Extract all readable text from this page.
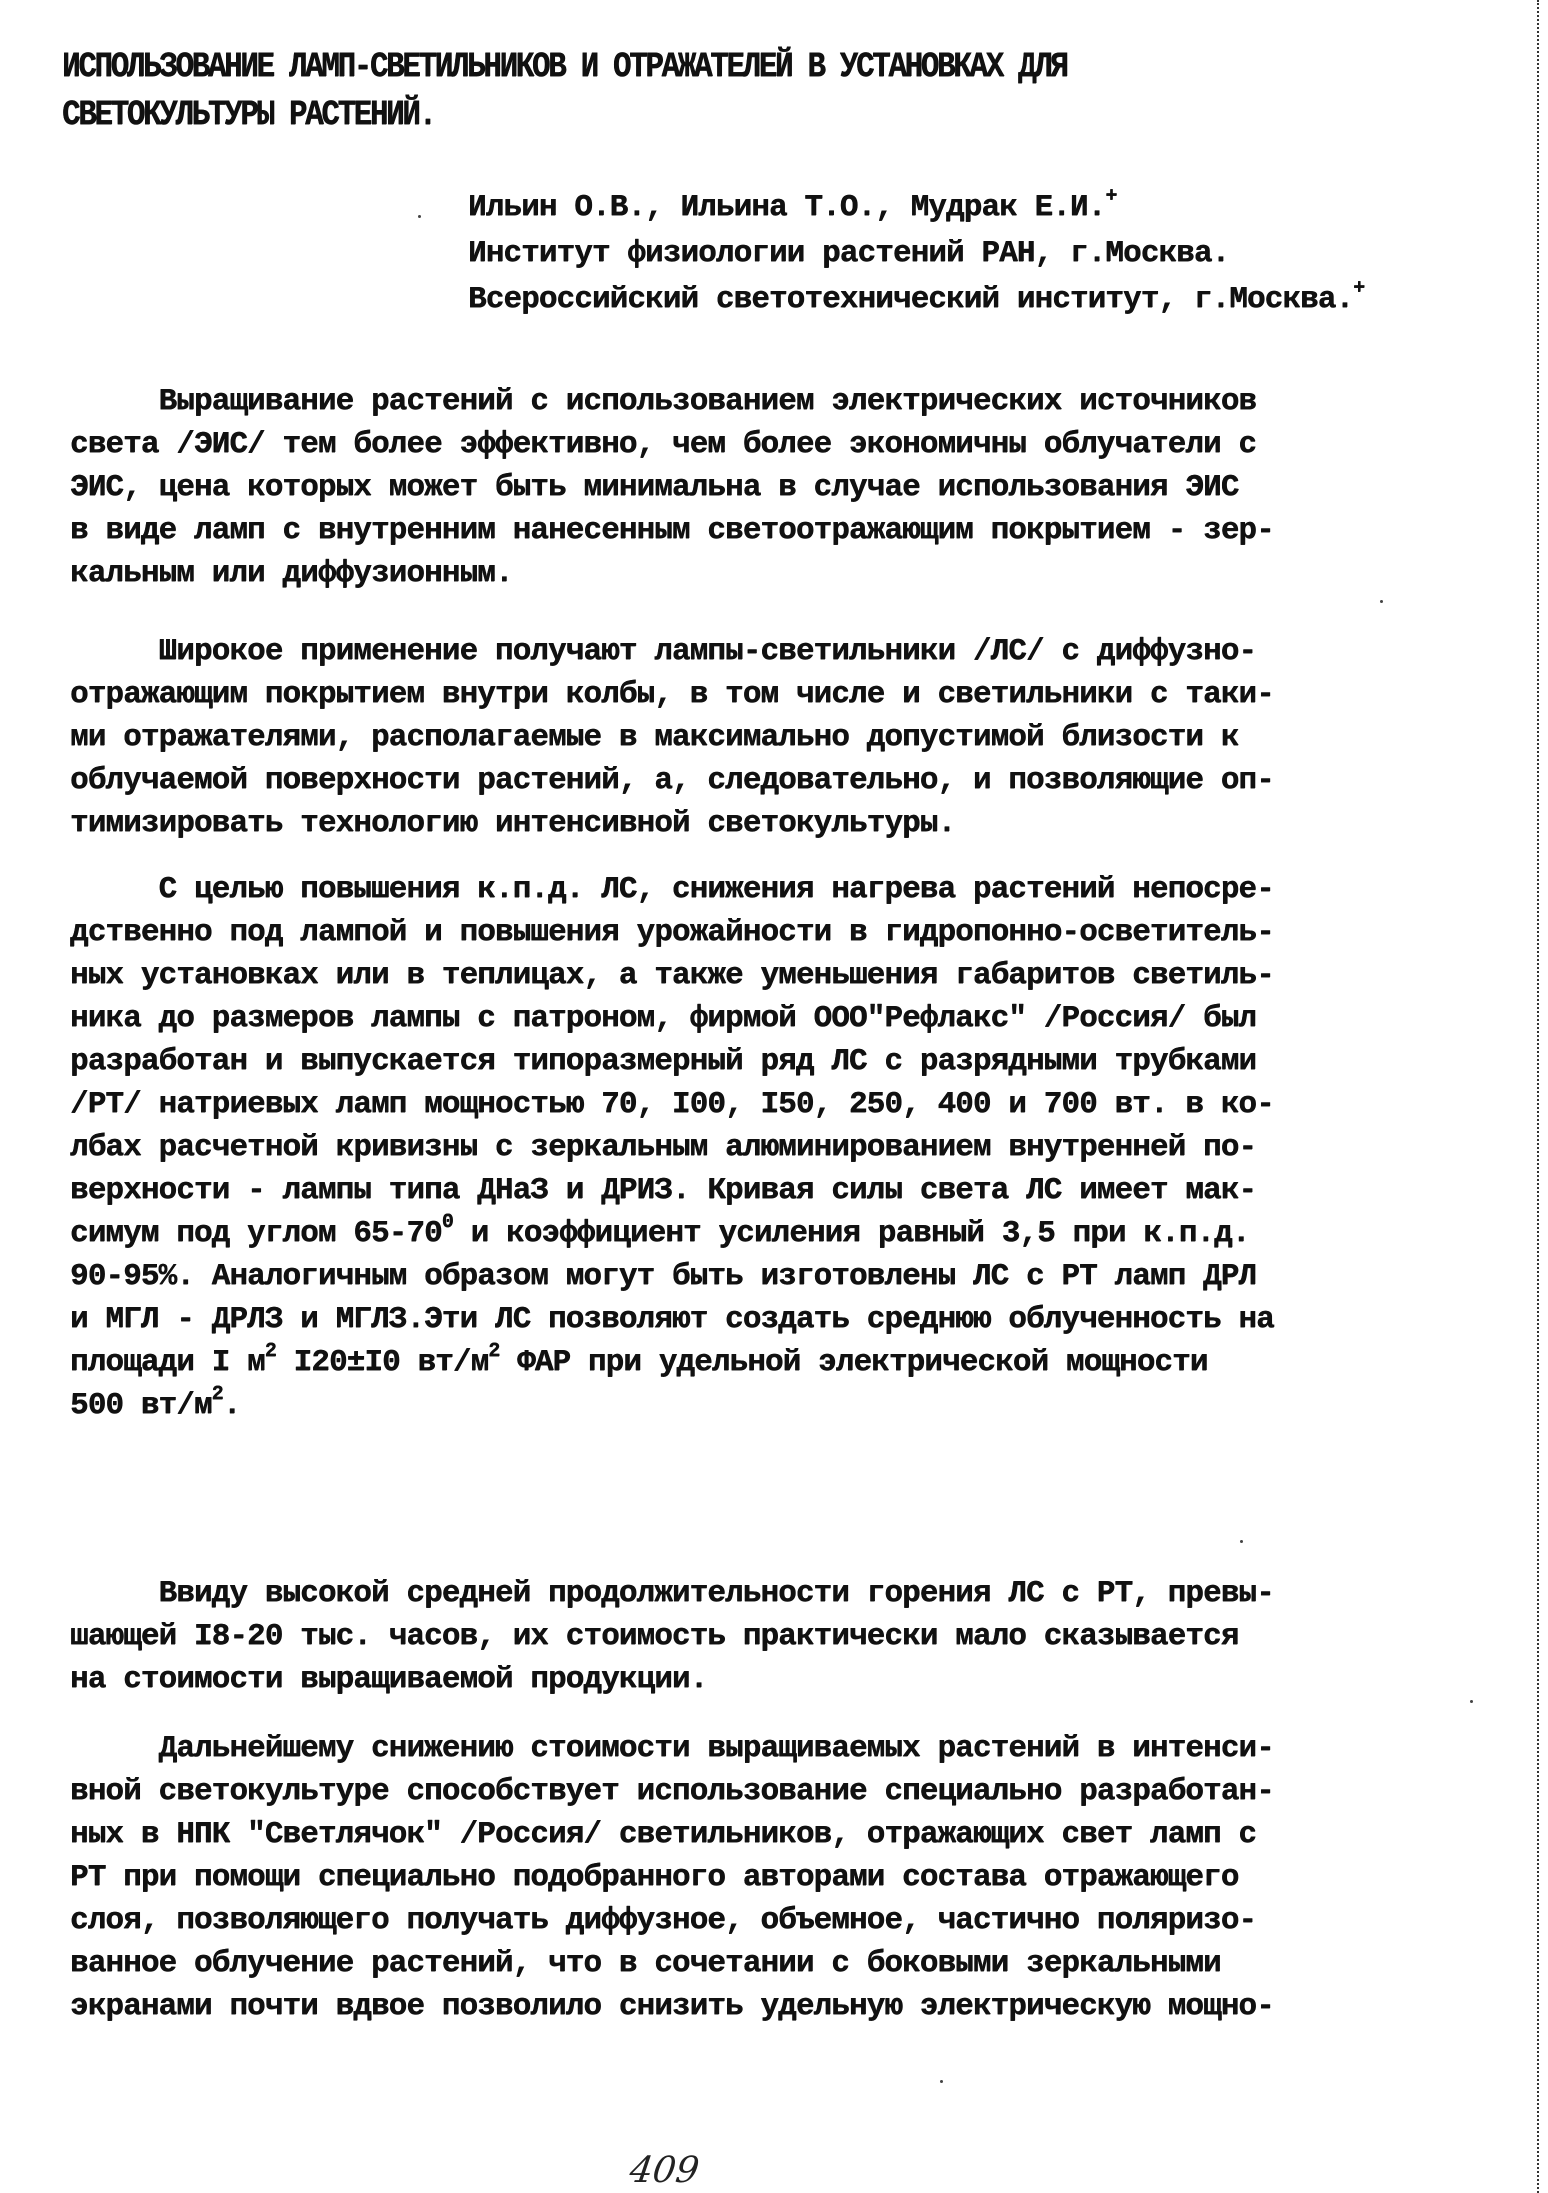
ИСПОЛЬЗОВАНИЕ ЛАМП-СВЕТИЛЬНИКОВ И ОТРАЖАТЕЛЕЙ В УСТАНОВКАХ ДЛЯ
СВЕТОКУЛЬТУРЫ РАСТЕНИЙ.
Ильин О.В., Ильина Т.О., Мудрак Е.И.+
Институт физиологии растений РАН, г.Москва.
Всероссийский светотехнический институт, г.Москва.+
Выращивание растений с использованием электрических источников
света /ЭИС/ тем более эффективно, чем более экономичны облучатели с
ЭИС, цена которых может быть минимальна в случае использования ЭИС
в виде ламп с внутренним нанесенным светоотражающим покрытием - зер-
кальным или диффузионным.
Широкое применение получают лампы-светильники /ЛС/ с диффузно-
отражающим покрытием внутри колбы, в том числе и светильники с таки-
ми отражателями, располагаемые в максимально допустимой близости к
облучаемой поверхности растений, а, следовательно, и позволяющие оп-
тимизировать технологию интенсивной светокультуры.
С целью повышения к.п.д. ЛС, снижения нагрева растений непосре-
дственно под лампой и повышения урожайности в гидропонно-осветитель-
ных установках или в теплицах, а также уменьшения габаритов светиль-
ника до размеров лампы с патроном, фирмой ООО"Рефлакс" /Россия/ был
разработан и выпускается типоразмерный ряд ЛС с разрядными трубками
/РТ/ натриевых ламп мощностью 70, I00, I50, 250, 400 и 700 вт. в ко-
лбах расчетной кривизны с зеркальным алюминированием внутренней по-
верхности - лампы типа ДНаЗ и ДРИЗ. Кривая силы света ЛС имеет мак-
симум под углом $65-70^0$ и коэффициент усиления равный 3,5 при к.п.д.
90-95%. Аналогичным образом могут быть изготовлены ЛС с РТ ламп ДРЛ
и МГЛ - ДРЛЗ и МГЛЗ.Эти ЛС позволяют создать среднюю облученность на
площади I $м^2$ I20±I0 $вт/м^2$ ФАР при удельной электрической мощности
500 $вт/м^2$.
Ввиду высокой средней продолжительности горения ЛС с РТ, превы-
шающей I8-20 тыс. часов, их стоимость практически мало сказывается
на стоимости выращиваемой продукции.
Дальнейшему снижению стоимости выращиваемых растений в интенси-
вной светокультуре способствует использование специально разработан-
ных в НПК "Светлячок" /Россия/ светильников, отражающих свет ламп с
РТ при помощи специально подобранного авторами состава отражающего
слоя, позволяющего получать диффузное, объемное, частично поляризо-
ванное облучение растений, что в сочетании с боковыми зеркальными
экранами почти вдвое позволило снизить удельную электрическую мощно-
409
